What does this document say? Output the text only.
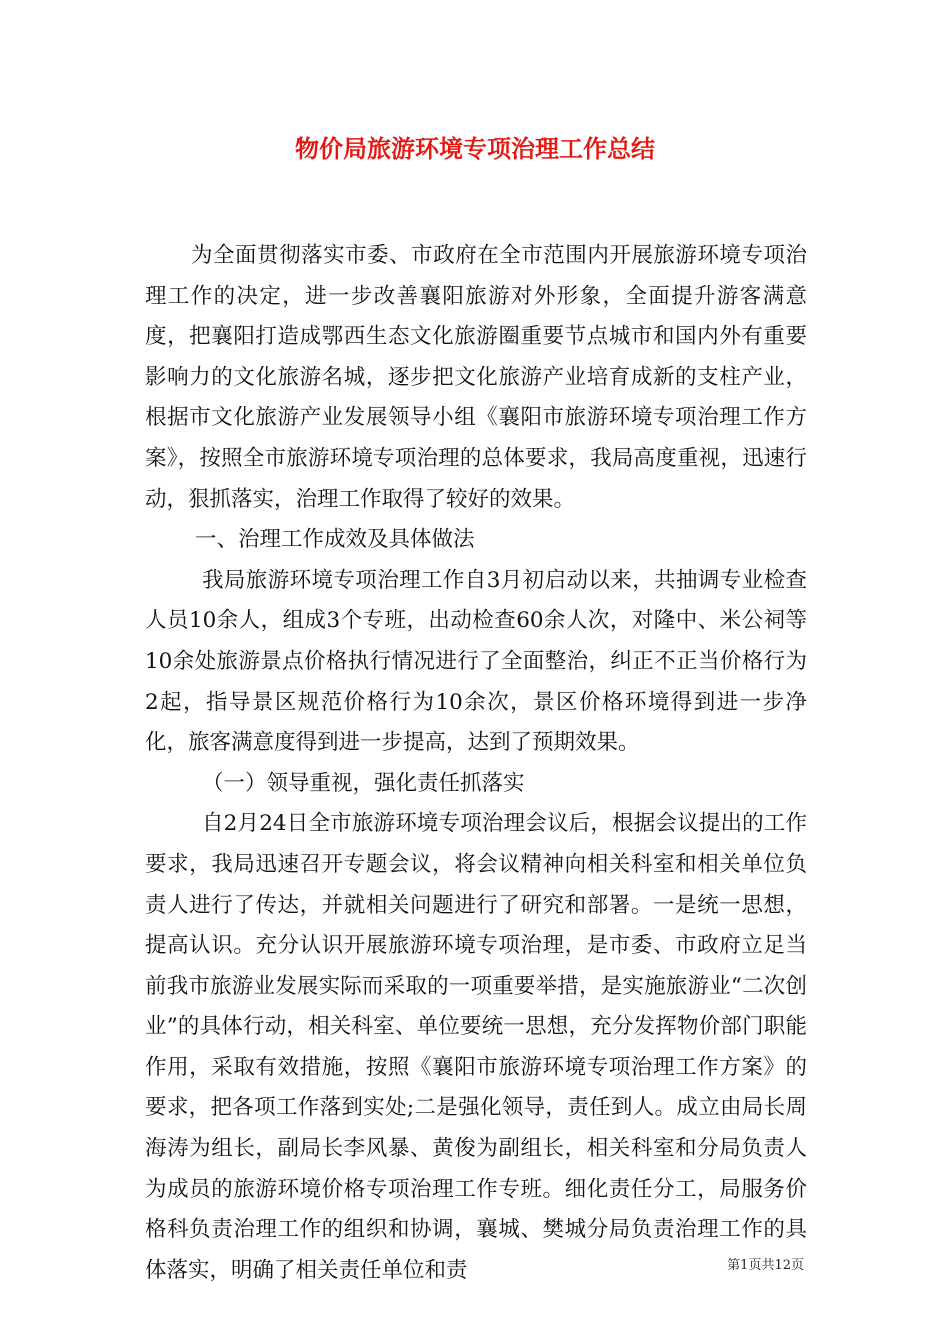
物价局旅游环境专项治理工作总结

为全面贯彻落实市委、市政府在全市范围内开展旅游环境专项治理工作的决定，进一步改善襄阳旅游对外形象，全面提升游客满意度，把襄阳打造成鄂西生态文化旅游圈重要节点城市和国内外有重要影响力的文化旅游名城，逐步把文化旅游产业培育成新的支柱产业，根据市文化旅游产业发展领导小组《襄阳市旅游环境专项治理工作方案》，按照全市旅游环境专项治理的总体要求，我局高度重视，迅速行动，狠抓落实，治理工作取得了较好的效果。

一、治理工作成效及具体做法

我局旅游环境专项治理工作自3月初启动以来，共抽调专业检查人员10余人，组成3个专班，出动检查60余人次，对隆中、米公祠等10余处旅游景点价格执行情况进行了全面整治，纠正不正当价格行为2起，指导景区规范价格行为10余次，景区价格环境得到进一步净化，旅客满意度得到进一步提高，达到了预期效果。

（一）领导重视，强化责任抓落实

自2月24日全市旅游环境专项治理会议后，根据会议提出的工作要求，我局迅速召开专题会议，将会议精神向相关科室和相关单位负责人进行了传达，并就相关问题进行了研究和部署。一是统一思想，提高认识。充分认识开展旅游环境专项治理，是市委、市政府立足当前我市旅游业发展实际而采取的一项重要举措，是实施旅游业“二次创业”的具体行动，相关科室、单位要统一思想，充分发挥物价部门职能作用，采取有效措施，按照《襄阳市旅游环境专项治理工作方案》的要求，把各项工作落到实处;二是强化领导，责任到人。成立由局长周海涛为组长，副局长李风暴、黄俊为副组长，相关科室和分局负责人为成员的旅游环境价格专项治理工作专班。细化责任分工，局服务价格科负责治理工作的组织和协调，襄城、樊城分局负责治理工作的具体落实，明确了相关责任单位和责	第1页共12页
